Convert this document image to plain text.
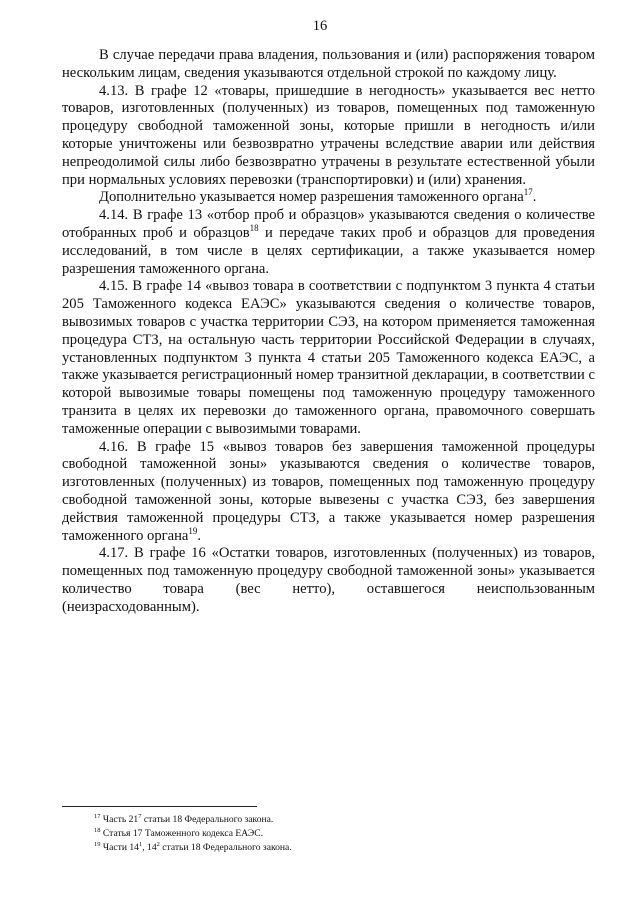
16

В случае передачи права владения, пользования и (или) распоряжения товаром нескольким лицам, сведения указываются отдельной строкой по каждому лицу.

4.13. В графе 12 «товары, пришедшие в негодность» указывается вес нетто товаров, изготовленных (полученных) из товаров, помещенных под таможенную процедуру свободной таможенной зоны, которые пришли в негодность и/или которые уничтожены или безвозвратно утрачены вследствие аварии или действия непреодолимой силы либо безвозвратно утрачены в результате естественной убыли при нормальных условиях перевозки (транспортировки) и (или) хранения.

Дополнительно указывается номер разрешения таможенного органа$^{17}$.

4.14. В графе 13 «отбор проб и образцов» указываются сведения о количестве отобранных проб и образцов$^{18}$ и передаче таких проб и образцов для проведения исследований, в том числе в целях сертификации, а также указывается номер разрешения таможенного органа.

4.15. В графе 14 «вывоз товара в соответствии с подпунктом 3 пункта 4 статьи 205 Таможенного кодекса ЕАЭС» указываются сведения о количестве товаров, вывозимых товаров с участка территории СЭЗ, на котором применяется таможенная процедура СТЗ, на остальную часть территории Российской Федерации в случаях, установленных подпунктом 3 пункта 4 статьи 205 Таможенного кодекса ЕАЭС, а также указывается регистрационный номер транзитной декларации, в соответствии с которой вывозимые товары помещены под таможенную процедуру таможенного транзита в целях их перевозки до таможенного органа, правомочного совершать таможенные операции с вывозимыми товарами.

4.16. В графе 15 «вывоз товаров без завершения таможенной процедуры свободной таможенной зоны» указываются сведения о количестве товаров, изготовленных (полученных) из товаров, помещенных под таможенную процедуру свободной таможенной зоны, которые вывезены с участка СЭЗ, без завершения действия таможенной процедуры СТЗ, а также указывается номер разрешения таможенного органа$^{19}$.

4.17. В графе 16 «Остатки товаров, изготовленных (полученных) из товаров, помещенных под таможенную процедуру свободной таможенной зоны» указывается количество товара (вес нетто), оставшегося неиспользованным (неизрасходованным).

$^{17}$ Часть $21^7$ статьи 18 Федерального закона.

$^{18}$ Статья 17 Таможенного кодекса ЕАЭС.

$^{19}$ Части $14^1$, $14^2$ статьи 18 Федерального закона.
